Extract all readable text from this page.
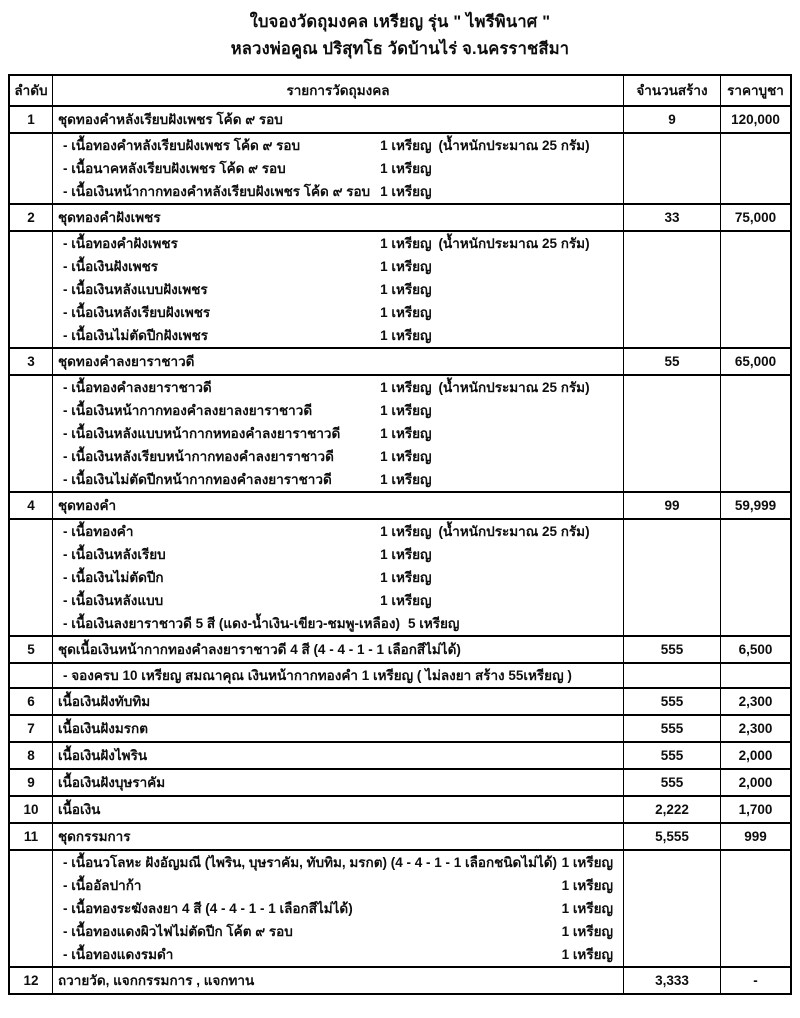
ใบจองวัดถุมงคล เหรียญ รุ่น " ไพรีพินาศ "
หลวงพ่อคูณ ปริสุทโธ วัดบ้านไร่ จ.นครราชสีมา
ลำดับ	รายการวัดถุมงคล	จำนวนสร้าง	ราคาบูชา
1	ชุดทองคำหลังเรียบฝังเพชร โค้ด ๙ รอบ	9	120,000
- เนื้อทองคำหลังเรียบฝังเพชร โค้ด ๙ รอบ	1 เหรียญ (น้ำหนักประมาณ 25 กรัม)
- เนื้อนาคหลังเรียบฝังเพชร โค้ด ๙ รอบ	1 เหรียญ
- เนื้อเงินหน้ากากทองคำหลังเรียบฝังเพชร โค้ด ๙ รอบ 1 เหรียญ
2	ชุดทองคำฝังเพชร	33	75,000
- เนื้อทองคำฝังเพชร	1 เหรียญ (น้ำหนักประมาณ 25 กรัม)
- เนื้อเงินฝังเพชร	1 เหรียญ
- เนื้อเงินหลังแบบฝังเพชร	1 เหรียญ
- เนื้อเงินหลังเรียบฝังเพชร	1 เหรียญ
- เนื้อเงินไม่ตัดปีกฝังเพชร	1 เหรียญ
3	ชุดทองคำลงยาราชาวดี	55	65,000
- เนื้อทองคำลงยาราชาวดี	1 เหรียญ (น้ำหนักประมาณ 25 กรัม)
- เนื้อเงินหน้ากากทองคำลงยาลงยาราชาวดี	1 เหรียญ
- เนื้อเงินหลังแบบหน้ากากหทองคำลงยาราชาวดี	1 เหรียญ
- เนื้อเงินหลังเรียบหน้ากากทองคำลงยาราชาวดี	1 เหรียญ
- เนื้อเงินไม่ตัดปีกหน้ากากทองคำลงยาราชาวดี	1 เหรียญ
4	ชุดทองคำ	99	59,999
- เนื้อทองคำ	1 เหรียญ (น้ำหนักประมาณ 25 กรัม)
- เนื้อเงินหลังเรียบ	1 เหรียญ
- เนื้อเงินไม่ตัดปีก	1 เหรียญ
- เนื้อเงินหลังแบบ	1 เหรียญ
- เนื้อเงินลงยาราชาวดี 5 สี (แดง-น้ำเงิน-เขียว-ชมพู-เหลือง) 5 เหรียญ
5	ชุดเนื้อเงินหน้ากากทองคำลงยาราชาวดี 4 สี (4 - 4 - 1 - 1 เลือกสีไม่ได้)	555	6,500
- จองครบ 10 เหรียญ สมณาคุณ เงินหน้ากากทองคำ 1 เหรียญ ( ไม่ลงยา สร้าง 55เหรียญ )
6	เนื้อเงินฝังทับทิม	555	2,300
7	เนื้อเงินฝังมรกต	555	2,300
8	เนื้อเงินฝังไพริน	555	2,000
9	เนื้อเงินฝังบุษราคัม	555	2,000
10	เนื้อเงิน	2,222	1,700
11	ชุดกรรมการ	5,555	999
- เนื้อนวโลหะ ฝังอัญมณี (ไพริน, บุษราคัม, ทับทิม, มรกต) (4 - 4 - 1 - 1 เลือกชนิดไม่ได้) 1 เหรียญ
- เนื้ออัลปาก้า	1 เหรียญ
- เนื้อทองระฆังลงยา 4 สี (4 - 4 - 1 - 1 เลือกสีไม่ได้)	1 เหรียญ
- เนื้อทองแดงผิวไฟไม่ตัดปีก โค้ต ๙ รอบ	1 เหรียญ
- เนื้อทองแดงรมดำ	1 เหรียญ
12	ถวายวัด, แจกกรรมการ , แจกทาน	3,333	-
